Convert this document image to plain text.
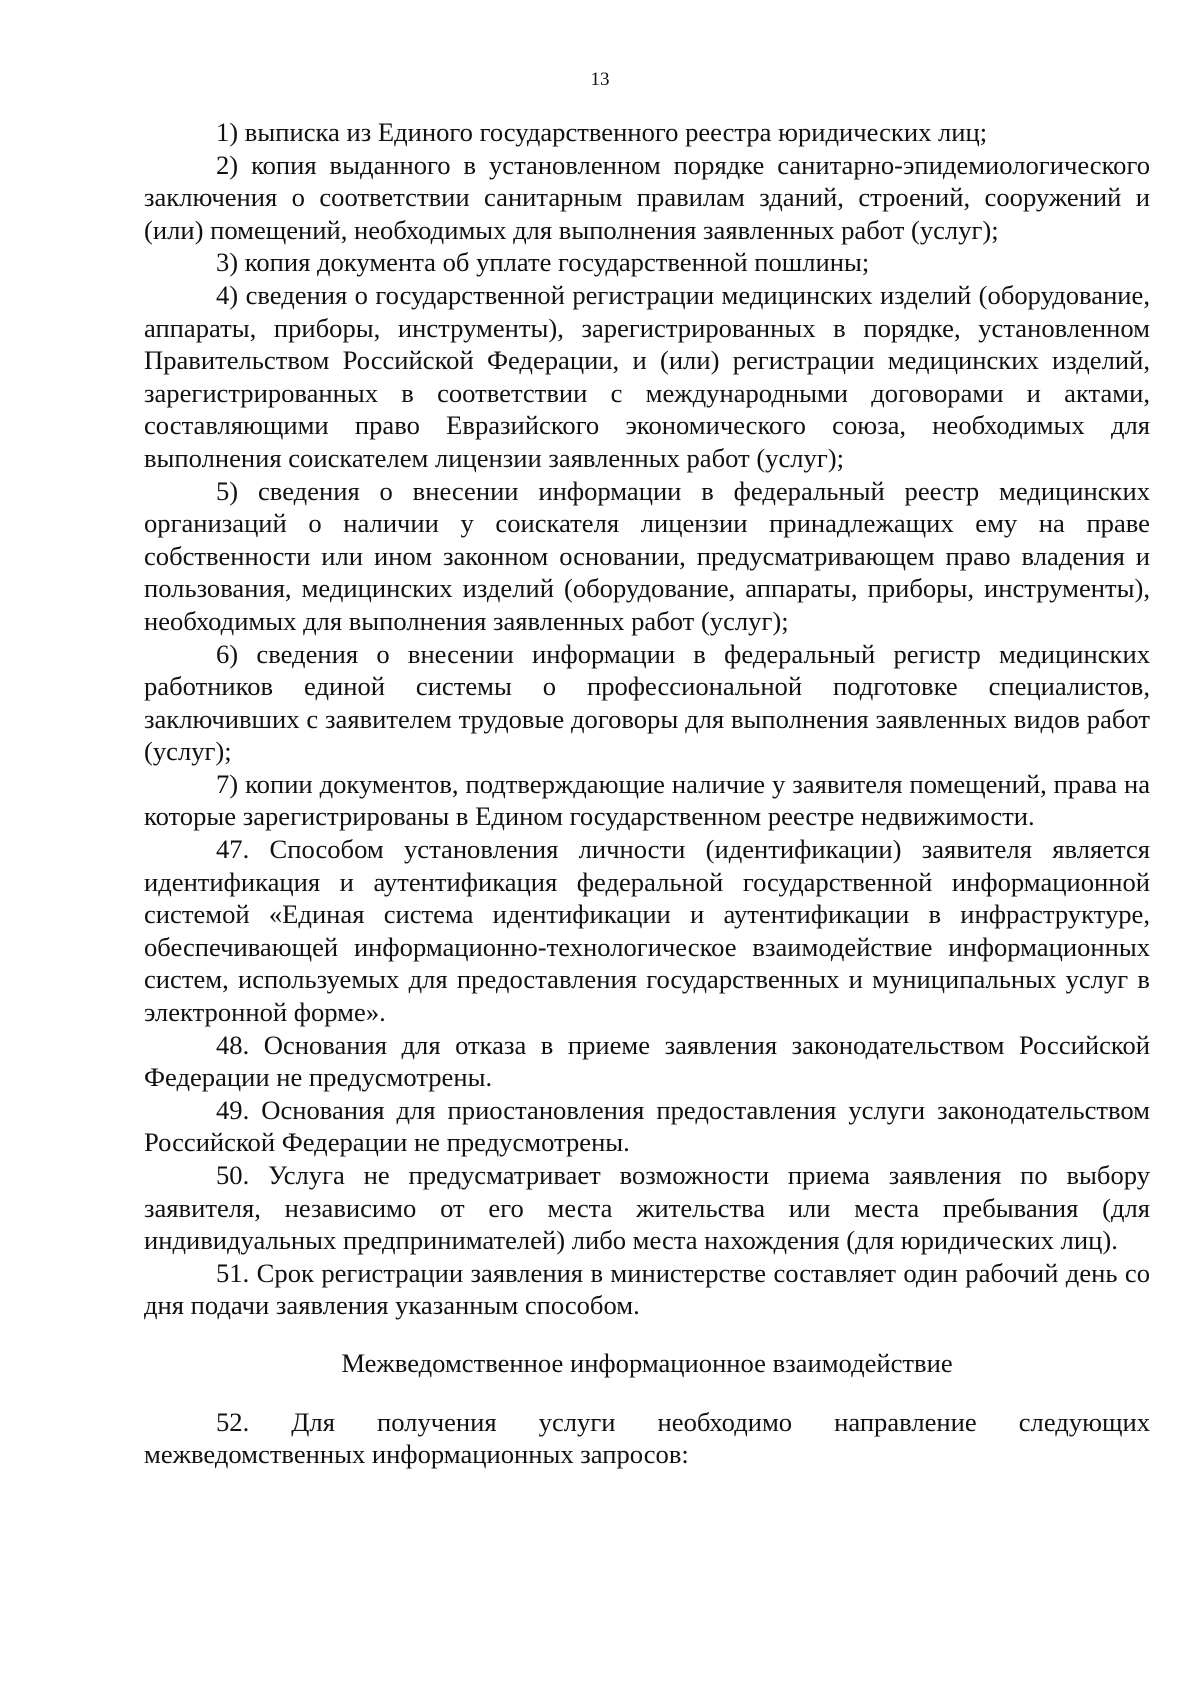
13

1) выписка из Единого государственного реестра юридических лиц;

2) копия выданного в установленном порядке санитарно-эпидемиологического заключения о соответствии санитарным правилам зданий, строений, сооружений и (или) помещений, необходимых для выполнения заявленных работ (услуг);

3) копия документа об уплате государственной пошлины;

4) сведения о государственной регистрации медицинских изделий (оборудование, аппараты, приборы, инструменты), зарегистрированных в порядке, установленном Правительством Российской Федерации, и (или) регистрации медицинских изделий, зарегистрированных в соответствии с международными договорами и актами, составляющими право Евразийского экономического союза, необходимых для выполнения соискателем лицензии заявленных работ (услуг);

5) сведения о внесении информации в федеральный реестр медицинских организаций о наличии у соискателя лицензии принадлежащих ему на праве собственности или ином законном основании, предусматривающем право владения и пользования, медицинских изделий (оборудование, аппараты, приборы, инструменты), необходимых для выполнения заявленных работ (услуг);

6) сведения о внесении информации в федеральный регистр медицинских работников единой системы о профессиональной подготовке специалистов, заключивших с заявителем трудовые договоры для выполнения заявленных видов работ (услуг);

7) копии документов, подтверждающие наличие у заявителя помещений, права на которые зарегистрированы в Едином государственном реестре недвижимости.

47. Способом установления личности (идентификации) заявителя является идентификация и аутентификация федеральной государственной информационной системой «Единая система идентификации и аутентификации в инфраструктуре, обеспечивающей информационно-технологическое взаимодействие информационных систем, используемых для предоставления государственных и муниципальных услуг в электронной форме».

48. Основания для отказа в приеме заявления законодательством Российской Федерации не предусмотрены.

49. Основания для приостановления предоставления услуги законодательством Российской Федерации не предусмотрены.

50. Услуга не предусматривает возможности приема заявления по выбору заявителя, независимо от его места жительства или места пребывания (для индивидуальных предпринимателей) либо места нахождения (для юридических лиц).

51. Срок регистрации заявления в министерстве составляет один рабочий день со дня подачи заявления указанным способом.

Межведомственное информационное взаимодействие

52. Для получения услуги необходимо направление следующих межведомственных информационных запросов:
